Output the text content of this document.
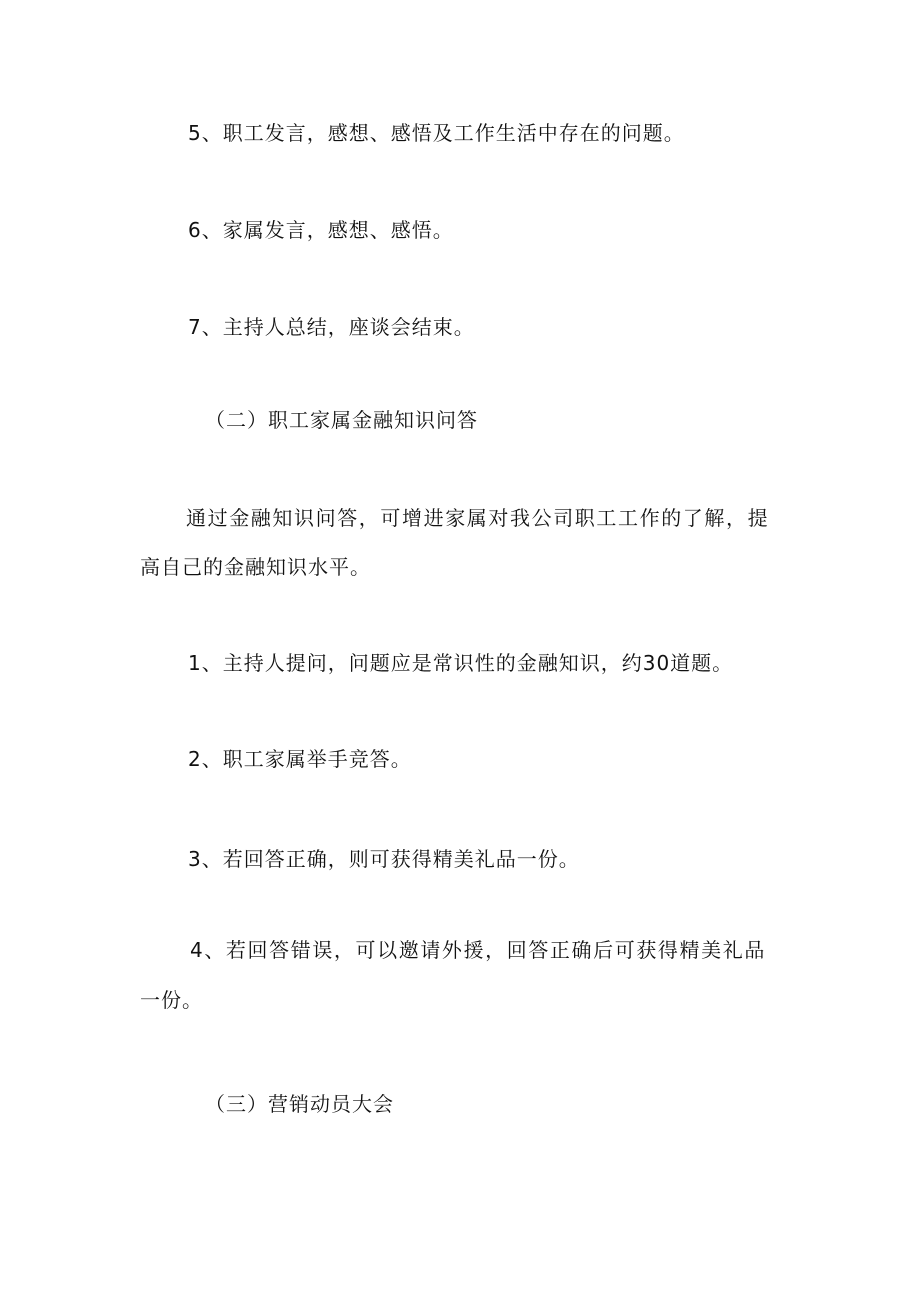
5、职工发言，感想、感悟及工作生活中存在的问题。
6、家属发言，感想、感悟。
7、主持人总结，座谈会结束。
（二）职工家属金融知识问答
通过金融知识问答，可增进家属对我公司职工工作的了解，提
高自己的金融知识水平。
1、主持人提问，问题应是常识性的金融知识，约30道题。
2、职工家属举手竞答。
3、若回答正确，则可获得精美礼品一份。
4、若回答错误，可以邀请外援，回答正确后可获得精美礼品
一份。
（三）营销动员大会
